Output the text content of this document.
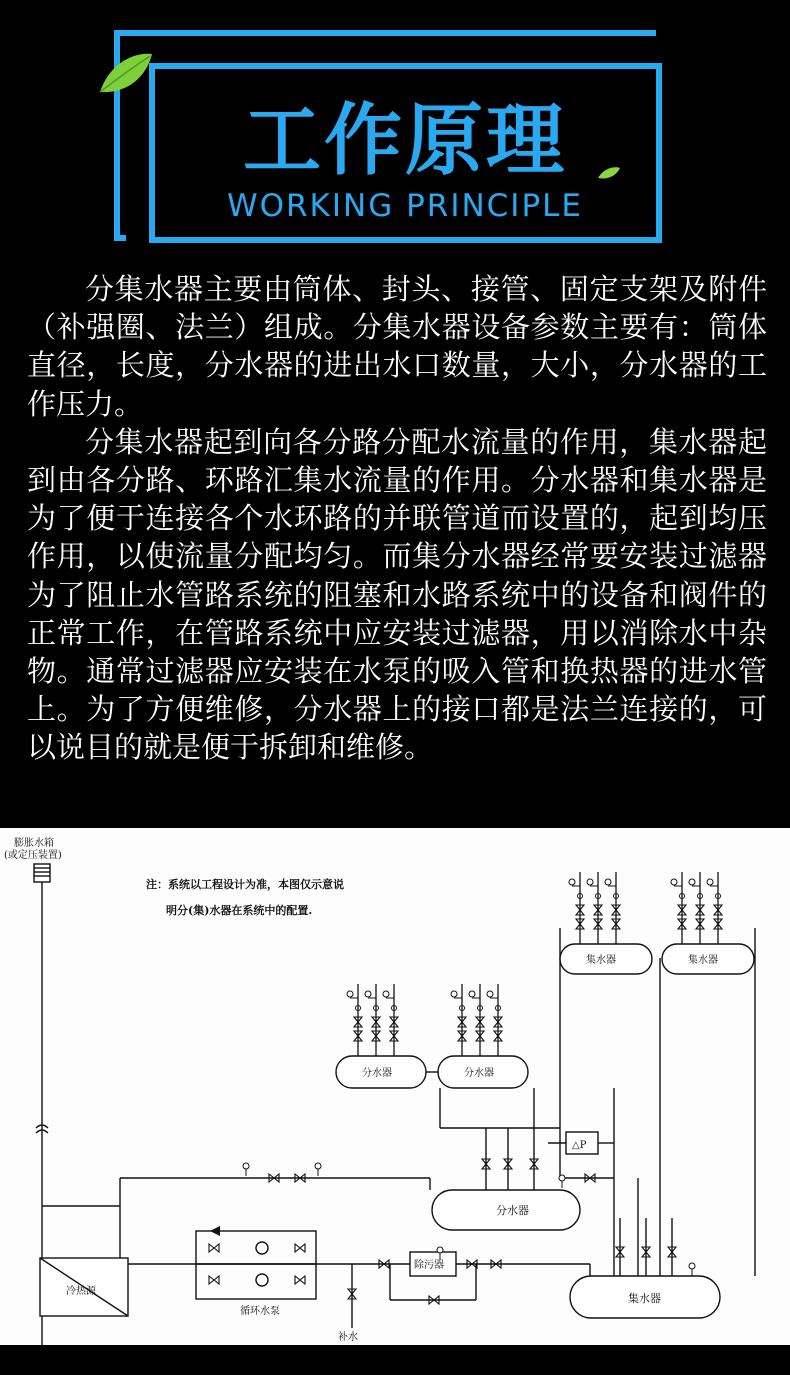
工作原理
WORKING PRINCIPLE

分集水器主要由筒体、封头、接管、固定支架及附件（补强圈、法兰）组成。分集水器设备参数主要有：筒体直径，长度，分水器的进出水口数量，大小，分水器的工作压力。

分集水器起到向各分路分配水流量的作用，集水器起到由各分路、环路汇集水流量的作用。分水器和集水器是为了便于连接各个水环路的并联管道而设置的，起到均压作用，以使流量分配均匀。而集分水器经常要安装过滤器为了阻止水管路系统的阻塞和水路系统中的设备和阀件的正常工作，在管路系统中应安装过滤器，用以消除水中杂物。通常过滤器应安装在水泵的吸入管和换热器的进水管上。为了方便维修，分水器上的接口都是法兰连接的，可以说目的就是便于拆卸和维修。

膨胀水箱
(或定压装置)
注：系统以工程设计为准，本图仅示意说
明分(集)水器在系统中的配置.
分水器	分水器
集水器	集水器
分水器
集水器
△P
除污器
冷热源
循环水泵
补水
